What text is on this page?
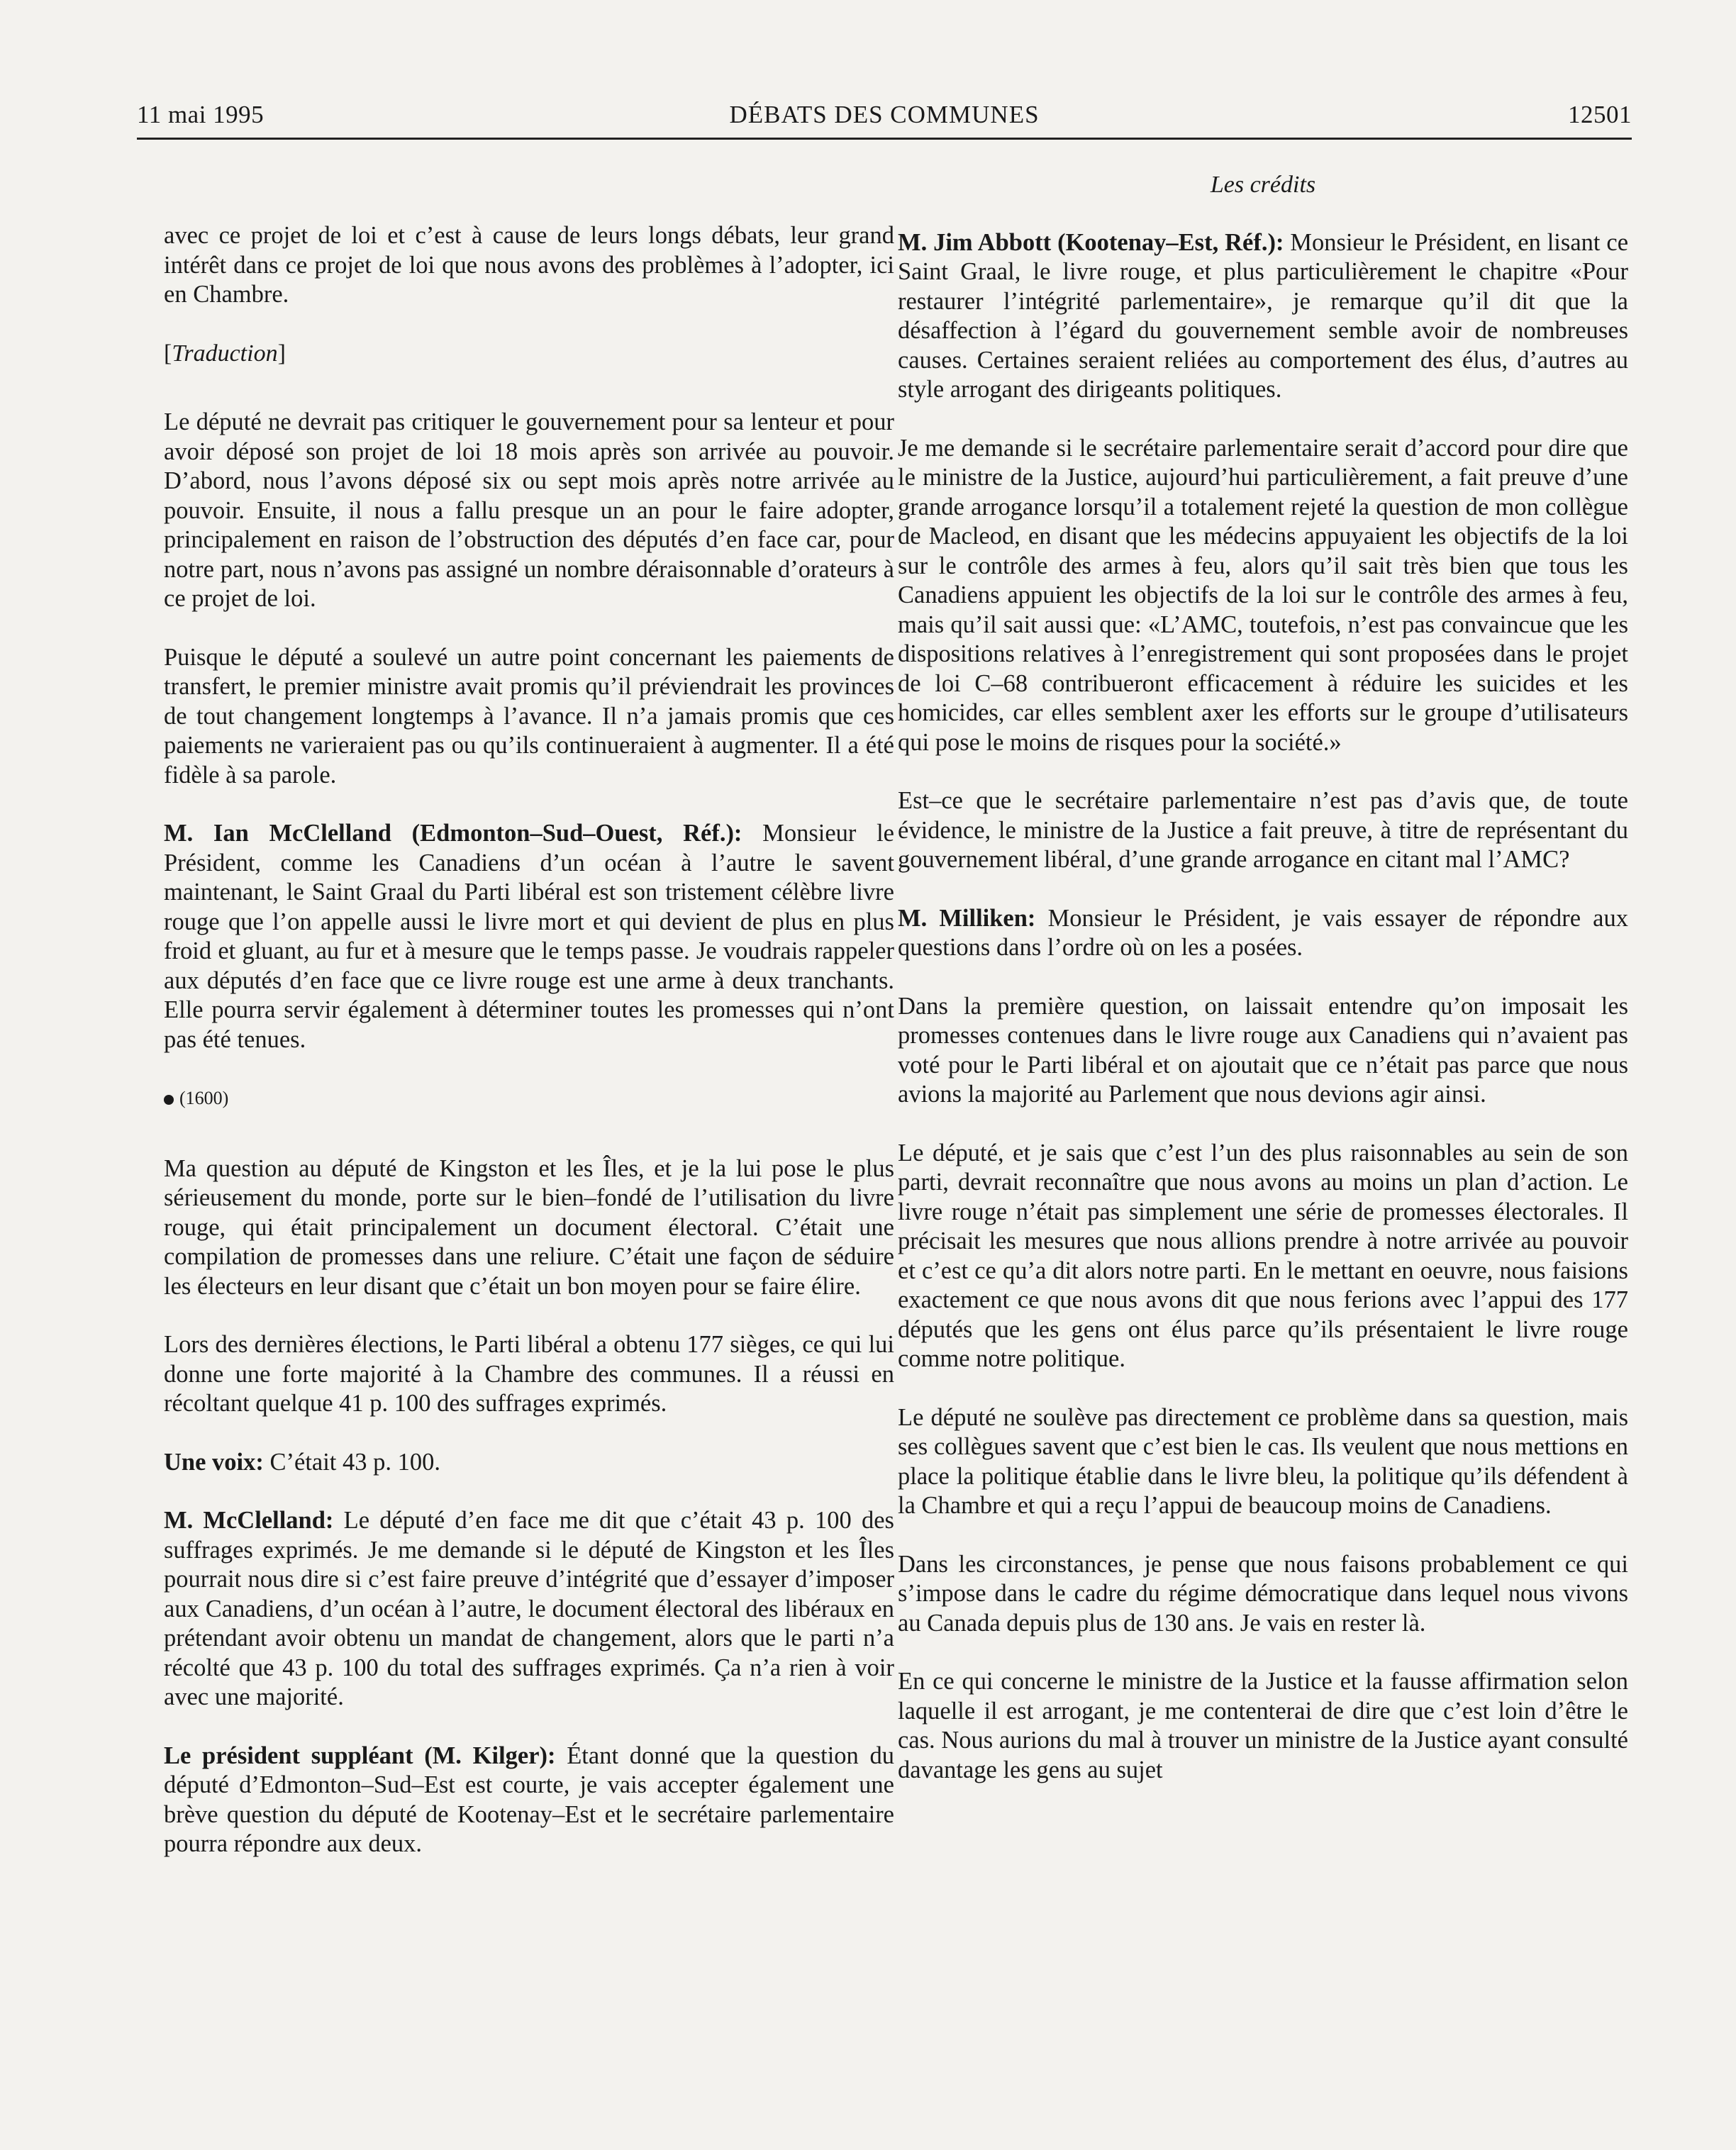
11 mai 1995	DÉBATS DES COMMUNES	12501

avec ce projet de loi et c’est à cause de leurs longs débats, leur grand intérêt dans ce projet de loi que nous avons des problèmes à l’adopter, ici en Chambre.

[Traduction]

Le député ne devrait pas critiquer le gouvernement pour sa lenteur et pour avoir déposé son projet de loi 18 mois après son arrivée au pouvoir. D’abord, nous l’avons déposé six ou sept mois après notre arrivée au pouvoir. Ensuite, il nous a fallu presque un an pour le faire adopter, principalement en raison de l’obstruction des députés d’en face car, pour notre part, nous n’avons pas assigné un nombre déraisonnable d’orateurs à ce projet de loi.

Puisque le député a soulevé un autre point concernant les paiements de transfert, le premier ministre avait promis qu’il préviendrait les provinces de tout changement longtemps à l’avance. Il n’a jamais promis que ces paiements ne varieraient pas ou qu’ils continueraient à augmenter. Il a été fidèle à sa parole.

M. Ian McClelland (Edmonton–Sud–Ouest, Réf.): Monsieur le Président, comme les Canadiens d’un océan à l’autre le savent maintenant, le Saint Graal du Parti libéral est son tristement célèbre livre rouge que l’on appelle aussi le livre mort et qui devient de plus en plus froid et gluant, au fur et à mesure que le temps passe. Je voudrais rappeler aux députés d’en face que ce livre rouge est une arme à deux tranchants. Elle pourra servir également à déterminer toutes les promesses qui n’ont pas été tenues.

(1600)

Ma question au député de Kingston et les Îles, et je la lui pose le plus sérieusement du monde, porte sur le bien–fondé de l’utilisation du livre rouge, qui était principalement un document électoral. C’était une compilation de promesses dans une reliure. C’était une façon de séduire les électeurs en leur disant que c’était un bon moyen pour se faire élire.

Lors des dernières élections, le Parti libéral a obtenu 177 sièges, ce qui lui donne une forte majorité à la Chambre des communes. Il a réussi en récoltant quelque 41 p. 100 des suffrages exprimés.

Une voix: C’était 43 p. 100.

M. McClelland: Le député d’en face me dit que c’était 43 p. 100 des suffrages exprimés. Je me demande si le député de Kingston et les Îles pourrait nous dire si c’est faire preuve d’intégrité que d’essayer d’imposer aux Canadiens, d’un océan à l’autre, le document électoral des libéraux en prétendant avoir obtenu un mandat de changement, alors que le parti n’a récolté que 43 p. 100 du total des suffrages exprimés. Ça n’a rien à voir avec une majorité.

Le président suppléant (M. Kilger): Étant donné que la question du député d’Edmonton–Sud–Est est courte, je vais accepter également une brève question du député de Kootenay–Est et le secrétaire parlementaire pourra répondre aux deux.

Les crédits

M. Jim Abbott (Kootenay–Est, Réf.): Monsieur le Président, en lisant ce Saint Graal, le livre rouge, et plus particulièrement le chapitre «Pour restaurer l’intégrité parlementaire», je remarque qu’il dit que la désaffection à l’égard du gouvernement semble avoir de nombreuses causes. Certaines seraient reliées au comportement des élus, d’autres au style arrogant des dirigeants politiques.

Je me demande si le secrétaire parlementaire serait d’accord pour dire que le ministre de la Justice, aujourd’hui particulièrement, a fait preuve d’une grande arrogance lorsqu’il a totalement rejeté la question de mon collègue de Macleod, en disant que les médecins appuyaient les objectifs de la loi sur le contrôle des armes à feu, alors qu’il sait très bien que tous les Canadiens appuient les objectifs de la loi sur le contrôle des armes à feu, mais qu’il sait aussi que: «L’AMC, toutefois, n’est pas convaincue que les dispositions relatives à l’enregistrement qui sont proposées dans le projet de loi C–68 contribueront efficacement à réduire les suicides et les homicides, car elles semblent axer les efforts sur le groupe d’utilisateurs qui pose le moins de risques pour la société.»

Est–ce que le secrétaire parlementaire n’est pas d’avis que, de toute évidence, le ministre de la Justice a fait preuve, à titre de représentant du gouvernement libéral, d’une grande arrogance en citant mal l’AMC?

M. Milliken: Monsieur le Président, je vais essayer de répondre aux questions dans l’ordre où on les a posées.

Dans la première question, on laissait entendre qu’on imposait les promesses contenues dans le livre rouge aux Canadiens qui n’avaient pas voté pour le Parti libéral et on ajoutait que ce n’était pas parce que nous avions la majorité au Parlement que nous devions agir ainsi.

Le député, et je sais que c’est l’un des plus raisonnables au sein de son parti, devrait reconnaître que nous avons au moins un plan d’action. Le livre rouge n’était pas simplement une série de promesses électorales. Il précisait les mesures que nous allions prendre à notre arrivée au pouvoir et c’est ce qu’a dit alors notre parti. En le mettant en oeuvre, nous faisions exactement ce que nous avons dit que nous ferions avec l’appui des 177 députés que les gens ont élus parce qu’ils présentaient le livre rouge comme notre politique.

Le député ne soulève pas directement ce problème dans sa question, mais ses collègues savent que c’est bien le cas. Ils veulent que nous mettions en place la politique établie dans le livre bleu, la politique qu’ils défendent à la Chambre et qui a reçu l’appui de beaucoup moins de Canadiens.

Dans les circonstances, je pense que nous faisons probablement ce qui s’impose dans le cadre du régime démocratique dans lequel nous vivons au Canada depuis plus de 130 ans. Je vais en rester là.

En ce qui concerne le ministre de la Justice et la fausse affirmation selon laquelle il est arrogant, je me contenterai de dire que c’est loin d’être le cas. Nous aurions du mal à trouver un ministre de la Justice ayant consulté davantage les gens au sujet
